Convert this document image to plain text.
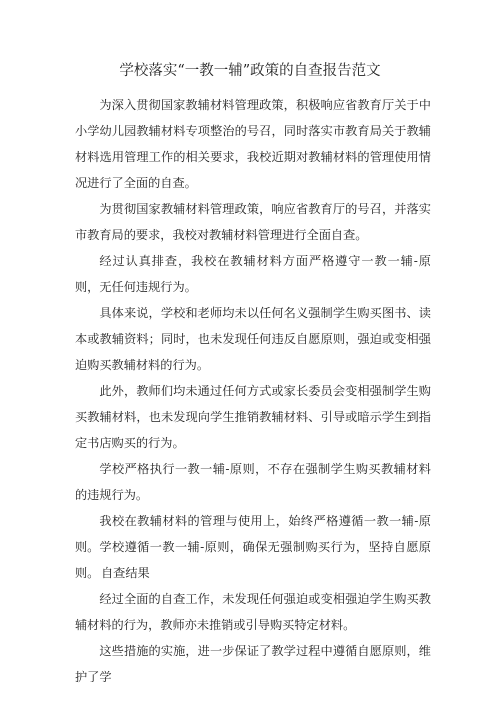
学校落实“一教一辅”政策的自查报告范文

为深入贯彻国家教辅材料管理政策，积极响应省教育厅关于中小学幼儿园教辅材料专项整治的号召，同时落实市教育局关于教辅材料选用管理工作的相关要求，我校近期对教辅材料的管理使用情况进行了全面的自查。

为贯彻国家教辅材料管理政策，响应省教育厅的号召，并落实市教育局的要求，我校对教辅材料管理进行全面自查。

经过认真排查，我校在教辅材料方面严格遵守一教一辅-原则，无任何违规行为。

具体来说，学校和老师均未以任何名义强制学生购买图书、读本或教辅资料；同时，也未发现任何违反自愿原则，强迫或变相强迫购买教辅材料的行为。

此外，教师们均未通过任何方式或家长委员会变相强制学生购买教辅材料，也未发现向学生推销教辅材料、引导或暗示学生到指定书店购买的行为。

学校严格执行一教一辅-原则，不存在强制学生购买教辅材料的违规行为。

我校在教辅材料的管理与使用上，始终严格遵循一教一辅-原则。 学校遵循一教一辅-原则，确保无强制购买行为，坚持自愿原则。 自查结果

经过全面的自查工作，未发现任何强迫或变相强迫学生购买教辅材料的行为，教师亦未推销或引导购买特定材料。

这些措施的实施，进一步保证了教学过程中遵循自愿原则，维护了学
